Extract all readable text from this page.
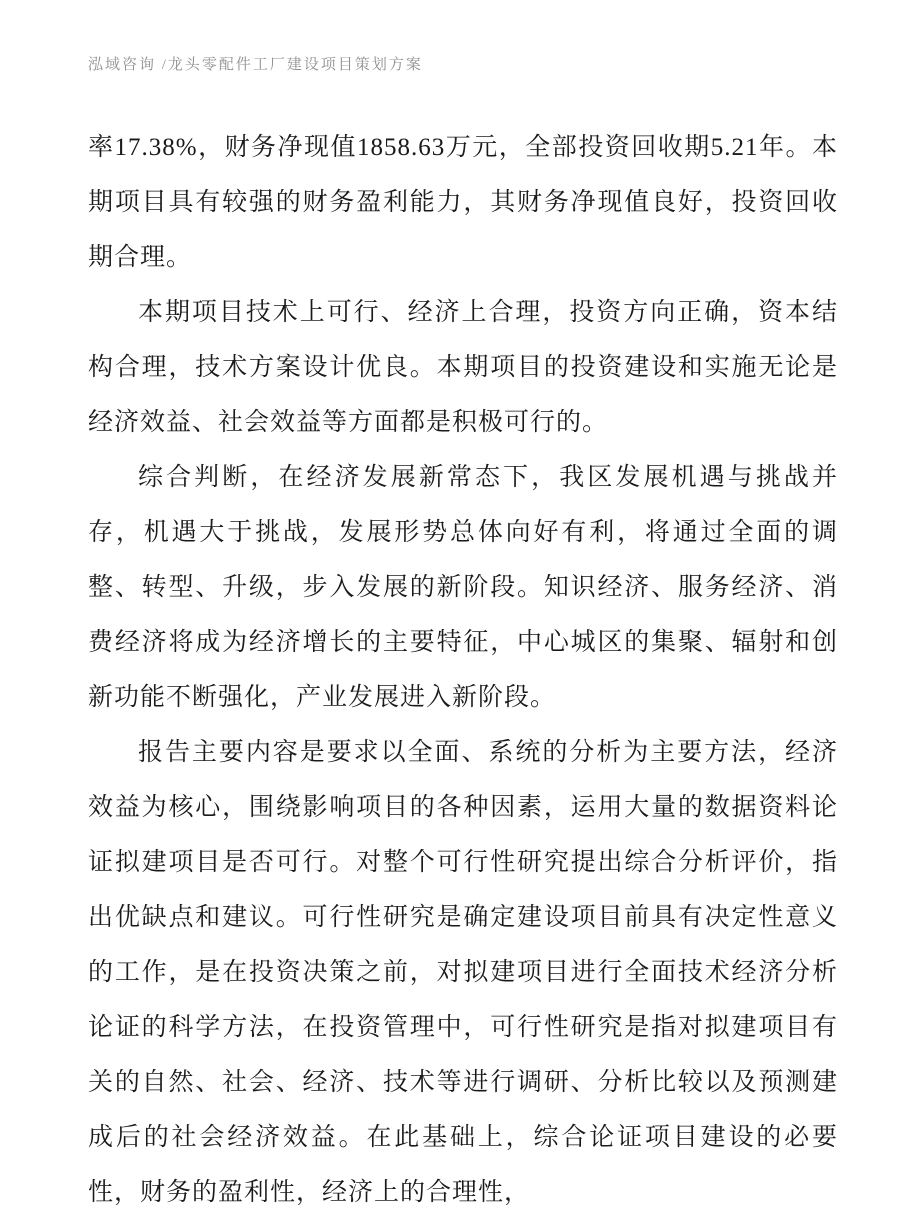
泓域咨询 /龙头零配件工厂建设项目策划方案

率17.38%，财务净现值1858.63万元，全部投资回收期5.21年。本期项目具有较强的财务盈利能力，其财务净现值良好，投资回收期合理。

本期项目技术上可行、经济上合理，投资方向正确，资本结构合理，技术方案设计优良。本期项目的投资建设和实施无论是经济效益、社会效益等方面都是积极可行的。

综合判断，在经济发展新常态下，我区发展机遇与挑战并存，机遇大于挑战，发展形势总体向好有利，将通过全面的调整、转型、升级，步入发展的新阶段。知识经济、服务经济、消费经济将成为经济增长的主要特征，中心城区的集聚、辐射和创新功能不断强化，产业发展进入新阶段。

报告主要内容是要求以全面、系统的分析为主要方法，经济效益为核心，围绕影响项目的各种因素，运用大量的数据资料论证拟建项目是否可行。对整个可行性研究提出综合分析评价，指出优缺点和建议。可行性研究是确定建设项目前具有决定性意义的工作，是在投资决策之前，对拟建项目进行全面技术经济分析论证的科学方法，在投资管理中，可行性研究是指对拟建项目有关的自然、社会、经济、技术等进行调研、分析比较以及预测建成后的社会经济效益。在此基础上，综合论证项目建设的必要性，财务的盈利性，经济上的合理性，
